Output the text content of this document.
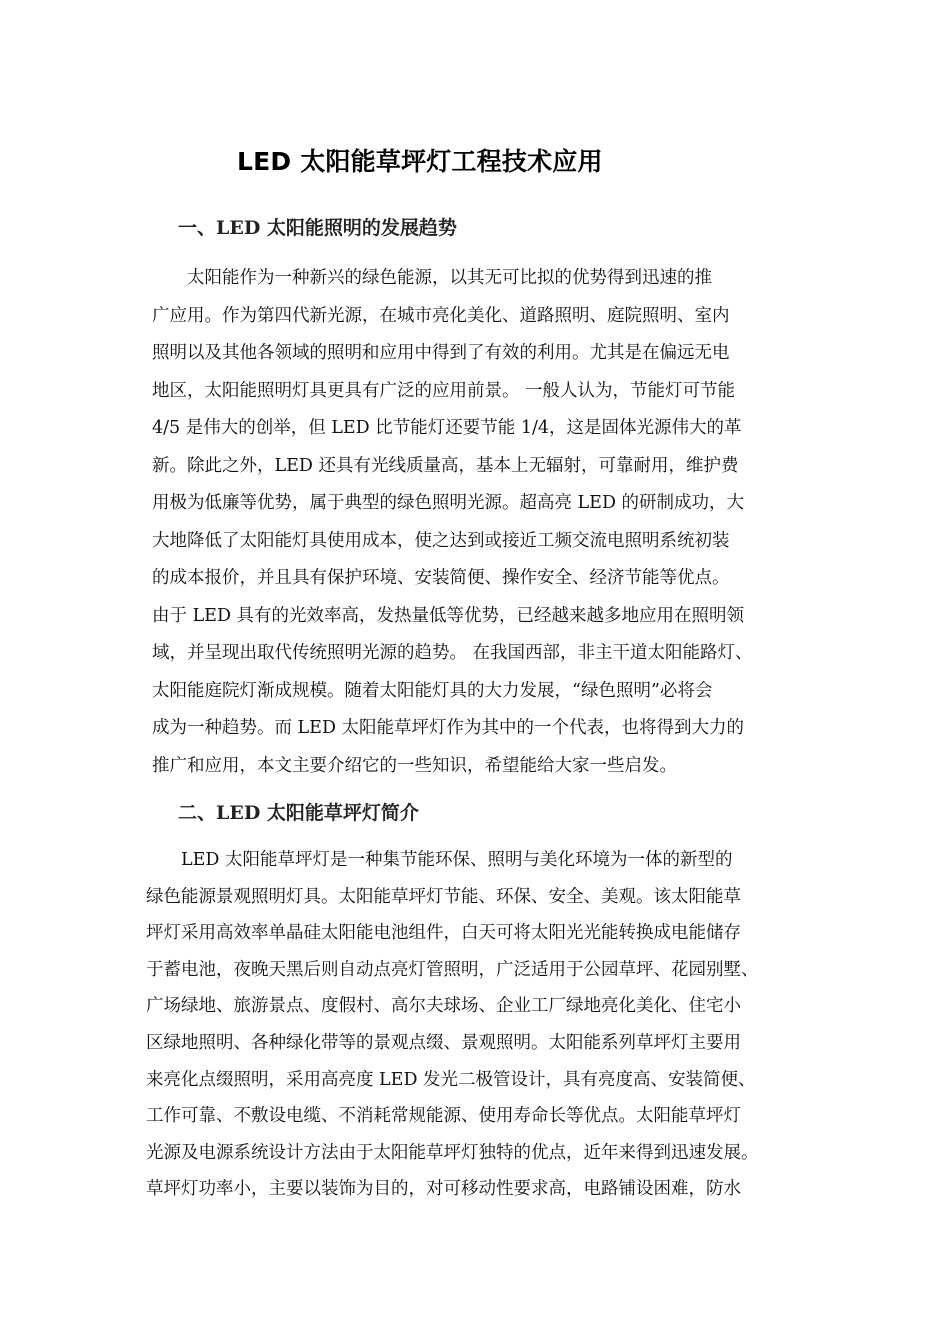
LED 太阳能草坪灯工程技术应用
一、LED 太阳能照明的发展趋势
　　太阳能作为一种新兴的绿色能源，以其无可比拟的优势得到迅速的推
广应用。作为第四代新光源，在城市亮化美化、道路照明、庭院照明、室内
照明以及其他各领域的照明和应用中得到了有效的利用。尤其是在偏远无电
地区，太阳能照明灯具更具有广泛的应用前景。 一般人认为，节能灯可节能
4/5 是伟大的创举，但 LED 比节能灯还要节能 1/4，这是固体光源伟大的革
新。除此之外，LED 还具有光线质量高，基本上无辐射，可靠耐用，维护费
用极为低廉等优势，属于典型的绿色照明光源。超高亮 LED 的研制成功，大
大地降低了太阳能灯具使用成本，使之达到或接近工频交流电照明系统初装
的成本报价，并且具有保护环境、安装简便、操作安全、经济节能等优点。
由于 LED 具有的光效率高，发热量低等优势，已经越来越多地应用在照明领
域，并呈现出取代传统照明光源的趋势。 在我国西部，非主干道太阳能路灯、
太阳能庭院灯渐成规模。随着太阳能灯具的大力发展，“绿色照明”必将会
成为一种趋势。而 LED 太阳能草坪灯作为其中的一个代表，也将得到大力的
推广和应用，本文主要介绍它的一些知识，希望能给大家一些启发。
二、LED 太阳能草坪灯简介
　　LED 太阳能草坪灯是一种集节能环保、照明与美化环境为一体的新型的
绿色能源景观照明灯具。太阳能草坪灯节能、环保、安全、美观。该太阳能草
坪灯采用高效率单晶硅太阳能电池组件，白天可将太阳光光能转换成电能储存
于蓄电池，夜晚天黑后则自动点亮灯管照明，广泛适用于公园草坪、花园别墅、
广场绿地、旅游景点、度假村、高尔夫球场、企业工厂绿地亮化美化、住宅小
区绿地照明、各种绿化带等的景观点缀、景观照明。太阳能系列草坪灯主要用
来亮化点缀照明，采用高亮度 LED 发光二极管设计，具有亮度高、安装简便、
工作可靠、不敷设电缆、不消耗常规能源、使用寿命长等优点。太阳能草坪灯
光源及电源系统设计方法由于太阳能草坪灯独特的优点，近年来得到迅速发展。
草坪灯功率小，主要以装饰为目的，对可移动性要求高，电路铺设困难，防水
